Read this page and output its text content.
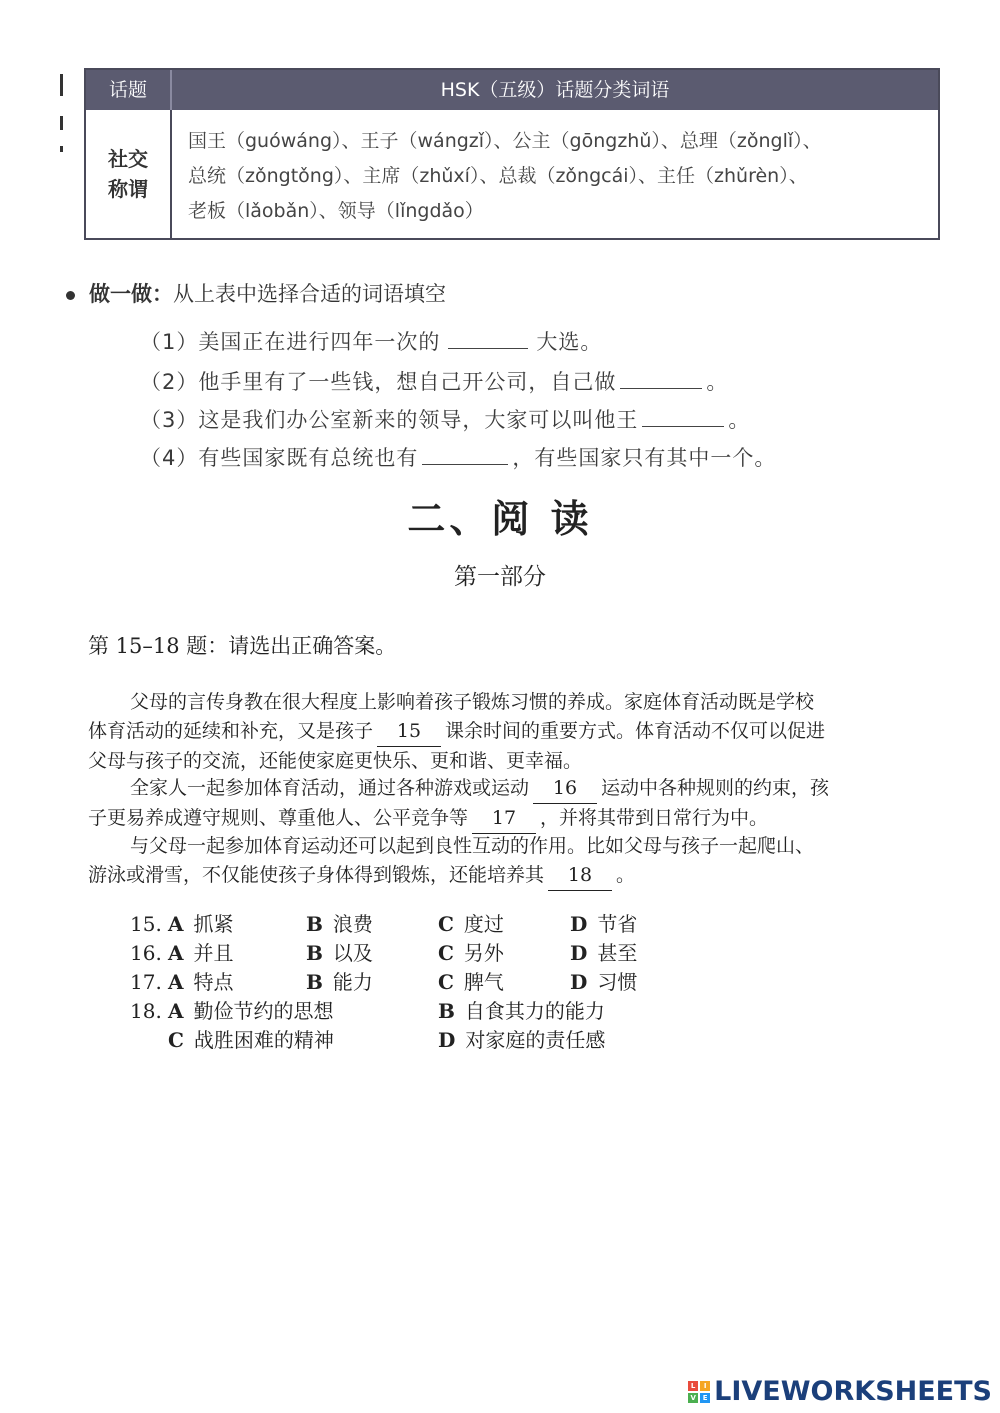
话题	HSK（五级）话题分类词语
社交
称谓
国王（guówáng）、王子（wángzǐ）、公主（gōngzhǔ）、总理（zǒnglǐ）、
总统（zǒngtǒng）、主席（zhǔxí）、总裁（zǒngcái）、主任（zhǔrèn）、
老板（lǎobǎn）、领导（lǐngdǎo）
做一做：从上表中选择合适的词语填空
（1）美国正在进行四年一次的	大选。
（2）他手里有了一些钱，想自己开公司，自己做	。
（3）这是我们办公室新来的领导，大家可以叫他王	。
（4）有些国家既有总统也有	，有些国家只有其中一个。
二、阅 读
第一部分
第 15–18 题：请选出正确答案。
父母的言传身教在很大程度上影响着孩子锻炼习惯的养成。家庭体育活动既是学校
体育活动的延续和补充，又是孩子 15 课余时间的重要方式。体育活动不仅可以促进
父母与孩子的交流，还能使家庭更快乐、更和谐、更幸福。
全家人一起参加体育活动，通过各种游戏或运动 16 运动中各种规则的约束，孩
子更易养成遵守规则、尊重他人、公平竞争等 17 ，并将其带到日常行为中。
与父母一起参加体育运动还可以起到良性互动的作用。比如父母与孩子一起爬山、
游泳或滑雪，不仅能使孩子身体得到锻炼，还能培养其 18 。
15. A 抓紧	B 浪费	C 度过	D 节省
16. A 并且	B 以及	C 另外	D 甚至
17. A 特点	B 能力	C 脾气	D 习惯
18. A 勤俭节约的思想	B 自食其力的能力
C 战胜困难的精神	D 对家庭的责任感
L	I
V E LIVEWORKSHEETS
